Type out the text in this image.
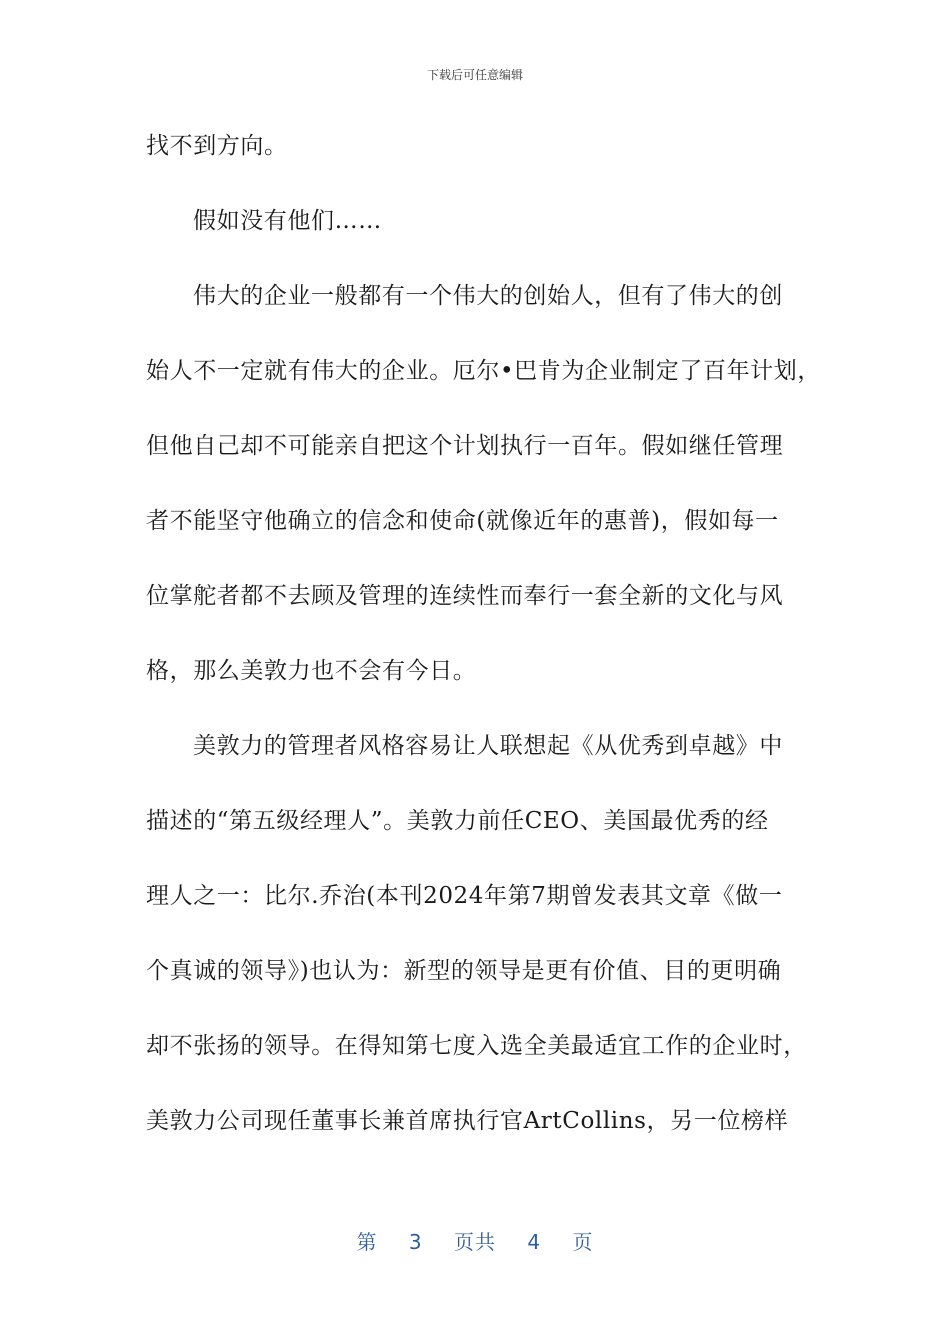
下载后可任意编辑
找不到方向。
假如没有他们……
伟大的企业一般都有一个伟大的创始人，但有了伟大的创
始人不一定就有伟大的企业。厄尔•巴肯为企业制定了百年计划，
但他自己却不可能亲自把这个计划执行一百年。假如继任管理
者不能坚守他确立的信念和使命(就像近年的惠普)，假如每一
位掌舵者都不去顾及管理的连续性而奉行一套全新的文化与风
格，那么美敦力也不会有今日。
美敦力的管理者风格容易让人联想起《从优秀到卓越》中
描述的“第五级经理人”。美敦力前任CEO、美国最优秀的经
理人之一：比尔.乔治(本刊2024年第7期曾发表其文章《做一
个真诚的领导》)也认为：新型的领导是更有价值、目的更明确
却不张扬的领导。在得知第七度入选全美最适宜工作的企业时，
美敦力公司现任董事长兼首席执行官ArtCollins，另一位榜样
第 3 页共 4 页
